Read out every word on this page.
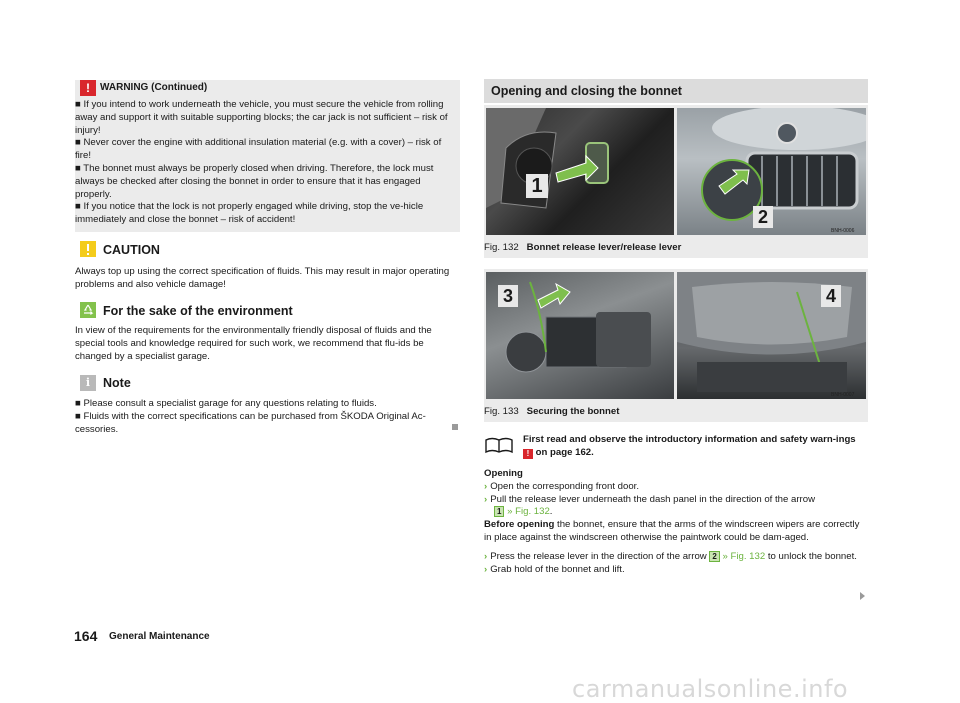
!	WARNING (Continued)

■ If you intend to work underneath the vehicle, you must secure the vehicle from rolling away and support it with suitable supporting blocks; the car jack is not sufficient – risk of injury!

■ Never cover the engine with additional insulation material (e.g. with a cover) – risk of fire!

■ The bonnet must always be properly closed when driving. Therefore, the lock must always be checked after closing the bonnet in order to ensure that it has engaged properly.

■ If you notice that the lock is not properly engaged while driving, stop the ve-hicle immediately and close the bonnet – risk of accident!

CAUTION
Always top up using the correct specification of fluids. This may result in major operating problems and also vehicle damage!
For the sake of the environment
In view of the requirements for the environmentally friendly disposal of fluids and the special tools and knowledge required for such work, we recommend that flu-ids be changed by a specialist garage.
i	Note

■ Please consult a specialist garage for any questions relating to fluids.

■ Fluids with the correct specifications can be purchased from ŠKODA Original Ac-cessories.

Opening and closing the bonnet
1
2
BNH-0006
Fig. 132 Bonnet release lever/release lever
3	4
BNH-0007
Fig. 133 Securing the bonnet
First read and observe the introductory information and safety warn-ings ! on page 162.

Opening

› Open the corresponding front door.

› Pull the release lever underneath the dash panel in the direction of the arrow
1 » Fig. 132.

Before opening the bonnet, ensure that the arms of the windscreen wipers are correctly in place against the windscreen otherwise the paintwork could be dam-aged.

› Press the release lever in the direction of the arrow 2 » Fig. 132 to unlock the bonnet.

› Grab hold of the bonnet and lift.

164 General Maintenance
carmanualsonline.info
